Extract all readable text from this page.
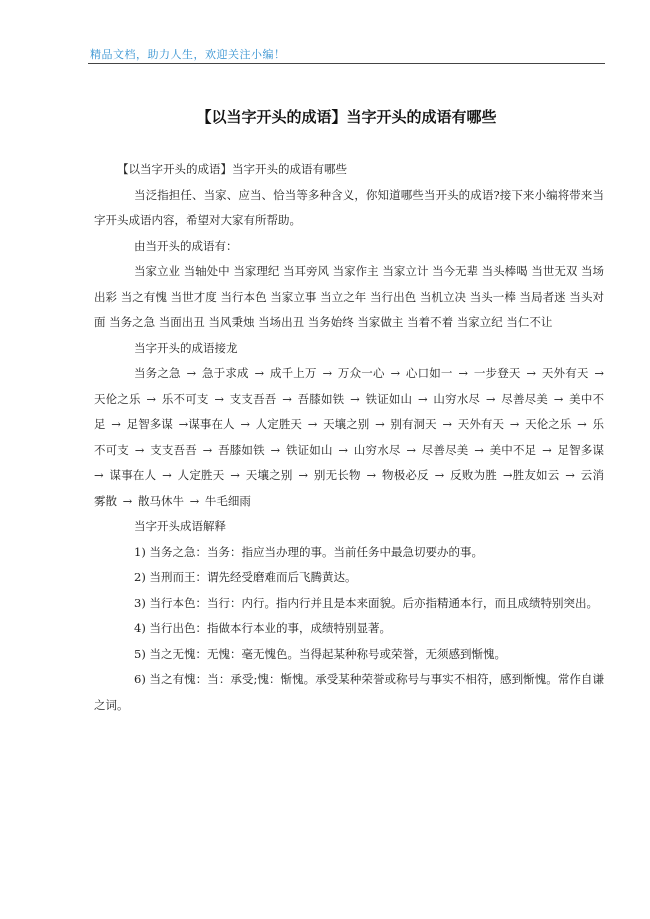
精品文档，助力人生，欢迎关注小编！
【以当字开头的成语】当字开头的成语有哪些

【以当字开头的成语】当字开头的成语有哪些

当泛指担任、当家、应当、恰当等多种含义，你知道哪些当开头的成语?接下来小编将带来当字开头成语内容，希望对大家有所帮助。

由当开头的成语有：

当家立业 当轴处中 当家理纪 当耳旁风 当家作主 当家立计 当今无辈 当头棒喝 当世无双 当场出彩 当之有愧 当世才度 当行本色 当家立事 当立之年 当行出色 当机立决 当头一棒 当局者迷 当头对面 当务之急 当面出丑 当风秉烛 当场出丑 当务始终 当家做主 当着不着 当家立纪 当仁不让

当字开头的成语接龙

当务之急 → 急于求成 → 成千上万 → 万众一心 → 心口如一 → 一步登天 → 天外有天 → 天伦之乐 → 乐不可支 → 支支吾吾 → 吾膝如铁 → 铁证如山 → 山穷水尽 → 尽善尽美 → 美中不足 → 足智多谋 →谋事在人 → 人定胜天 → 天壤之别 → 别有洞天 → 天外有天 → 天伦之乐 → 乐不可支 → 支支吾吾 → 吾膝如铁 → 铁证如山 → 山穷水尽 → 尽善尽美 → 美中不足 → 足智多谋 → 谋事在人 → 人定胜天 → 天壤之别 → 别无长物 → 物极必反 → 反败为胜 →胜友如云 → 云消雾散 → 散马休牛 → 牛毛细雨

当字开头成语解释

1) 当务之急：当务：指应当办理的事。当前任务中最急切要办的事。

2) 当刑而王：谓先经受磨难而后飞腾黄达。

3) 当行本色：当行：内行。指内行并且是本来面貌。后亦指精通本行，而且成绩特别突出。

4) 当行出色：指做本行本业的事，成绩特别显著。

5) 当之无愧：无愧：毫无愧色。当得起某种称号或荣誉，无须感到惭愧。

6) 当之有愧：当：承受;愧：惭愧。承受某种荣誉或称号与事实不相符，感到惭愧。常作自谦之词。
